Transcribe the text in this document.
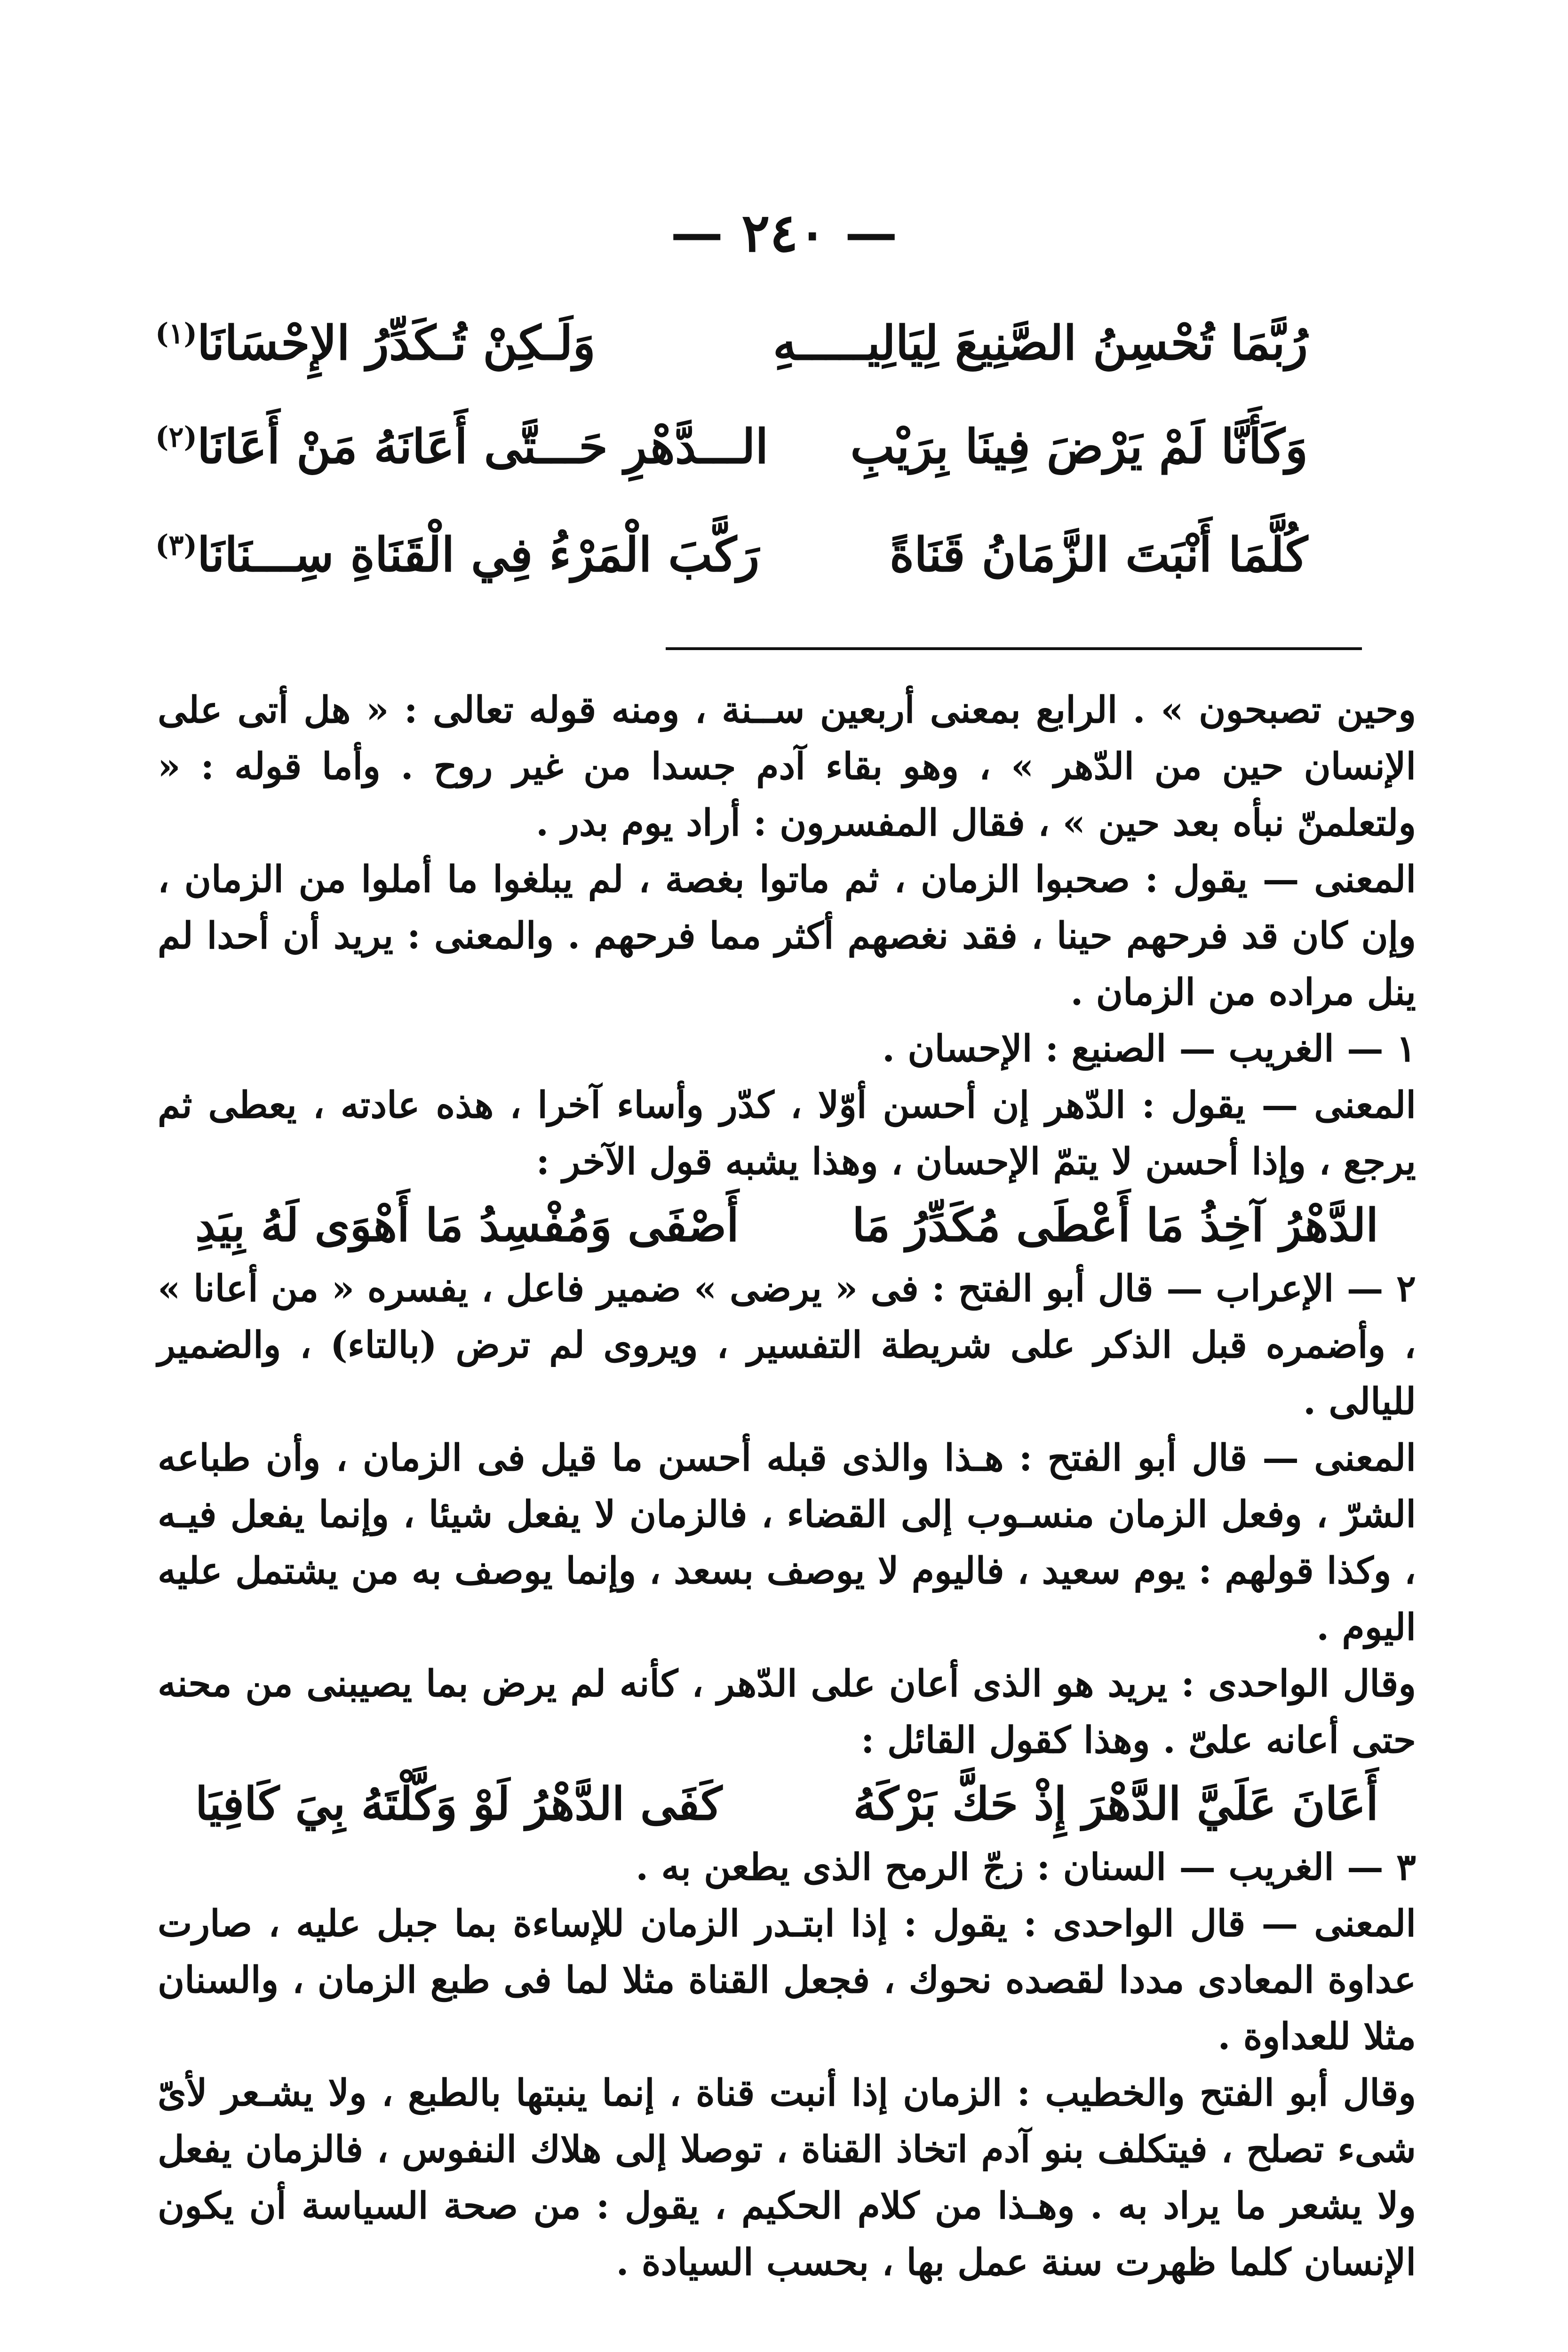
— ٢٤٠ —
رُبَّمَا تُحْسِنُ الصَّنِيعَ لِيَالِيـــــهِ
وَلَـكِنْ تُـكَدِّرُ الإِحْسَانَا$^{(١)}$
وَكَأَنَّا لَمْ يَرْضَ فِينَا بِرَيْبِ
الـــدَّهْرِ حَـــتَّى أَعَانَهُ مَنْ أَعَانَا$^{(٢)}$
كُلَّمَا أَنْبَتَ الزَّمَانُ قَنَاةً
رَكَّبَ الْمَرْءُ فِي الْقَنَاةِ سِـــنَانَا$^{(٣)}$

وحين تصبحون » . الرابع بمعنى أربعين ســنة ، ومنه قوله تعالى : « هل أتى على الإنسان حين من الدّهر » ، وهو بقاء آدم جسدا من غير روح . وأما قوله : « ولتعلمنّ نبأه بعد حين » ، فقال المفسرون : أراد يوم بدر .

المعنى — يقول : صحبوا الزمان ، ثم ماتوا بغصة ، لم يبلغوا ما أملوا من الزمان ، وإن كان قد فرحهم حينا ، فقد نغصهم أكثر مما فرحهم . والمعنى : يريد أن أحدا لم ينل مراده من الزمان .

١ — الغريب — الصنيع : الإحسان .

المعنى — يقول : الدّهر إن أحسن أوّلا ، كدّر وأساء آخرا ، هذه عادته ، يعطى ثم يرجع ، وإذا أحسن لا يتمّ الإحسان ، وهذا يشبه قول الآخر :

الدَّهْرُ آخِذُ مَا أَعْطَى مُكَدِّرُ مَا
أَصْفَى وَمُفْسِدُ مَا أَهْوَى لَهُ بِيَدِ

٢ — الإعراب — قال أبو الفتح : فى « يرضى » ضمير فاعل ، يفسره « من أعانا » ، وأضمره قبل الذكر على شريطة التفسير ، ويروى لم ترض (بالتاء) ، والضمير لليالى .

المعنى — قال أبو الفتح : هـذا والذى قبله أحسن ما قيل فى الزمان ، وأن طباعه الشرّ ، وفعل الزمان منسـوب إلى القضاء ، فالزمان لا يفعل شيئا ، وإنما يفعل فيـه ، وكذا قولهم : يوم سعيد ، فاليوم لا يوصف بسعد ، وإنما يوصف به من يشتمل عليه اليوم .

وقال الواحدى : يريد هو الذى أعان على الدّهر ، كأنه لم يرض بما يصيبنى من محنه حتى أعانه علىّ . وهذا كقول القائل :

أَعَانَ عَلَيَّ الدَّهْرَ إِذْ حَكَّ بَرْكَهُ
كَفَى الدَّهْرُ لَوْ وَكَّلْتَهُ بِيَ كَافِيَا

٣ — الغريب — السنان : زجّ الرمح الذى يطعن به .

المعنى — قال الواحدى : يقول : إذا ابتـدر الزمان للإساءة بما جبل عليه ، صارت عداوة المعادى مددا لقصده نحوك ، فجعل القناة مثلا لما فى طبع الزمان ، والسنان مثلا للعداوة .

وقال أبو الفتح والخطيب : الزمان إذا أنبت قناة ، إنما ينبتها بالطبع ، ولا يشـعر لأىّ شىء تصلح ، فيتكلف بنو آدم اتخاذ القناة ، توصلا إلى هلاك النفوس ، فالزمان يفعل ولا يشعر ما يراد به . وهـذا من كلام الحكيم ، يقول : من صحة السياسة أن يكون الإنسان كلما ظهرت سنة عمل بها ، بحسب السيادة .
